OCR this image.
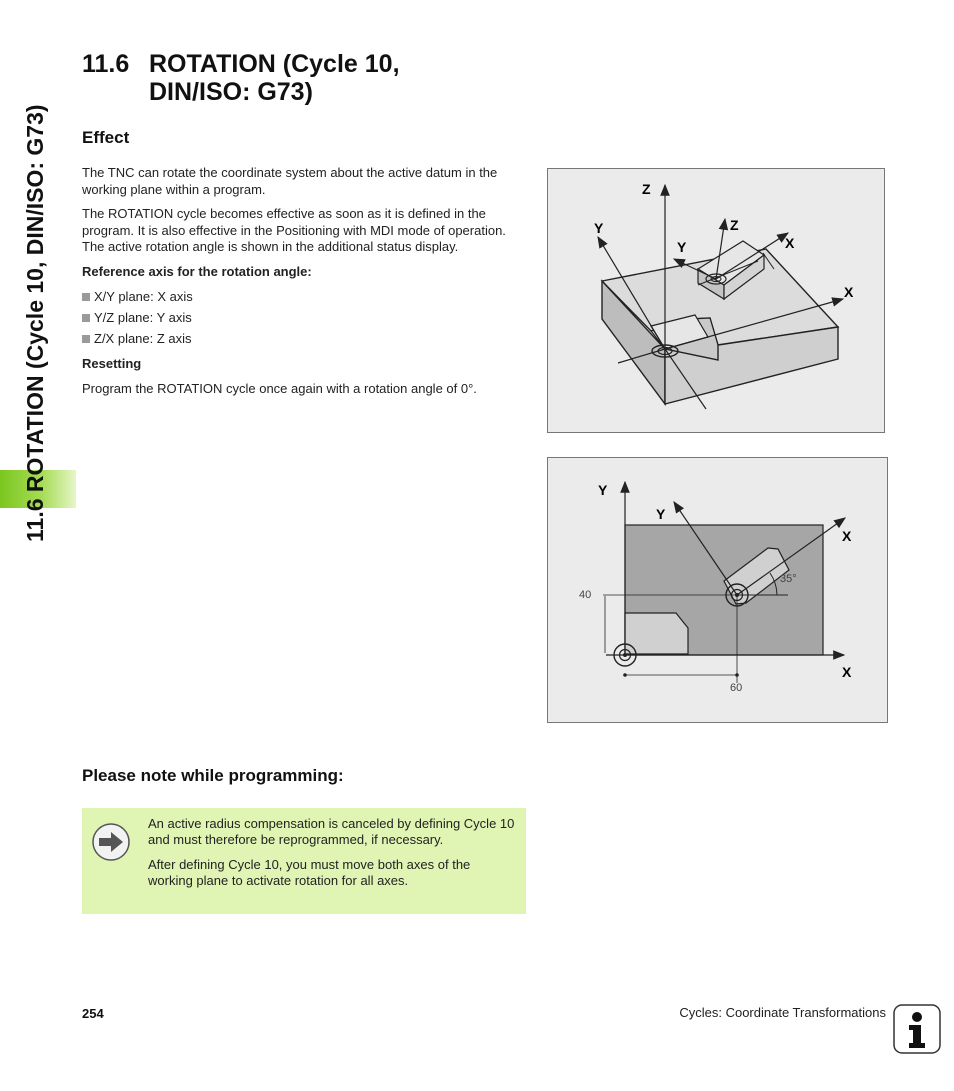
11.6 ROTATION (Cycle 10, DIN/ISO: G73)
11.6 ROTATION (Cycle 10,
DIN/ISO: G73)
Effect

The TNC can rotate the coordinate system about the active datum in the working plane within a program.

The ROTATION cycle becomes effective as soon as it is defined in the program. It is also effective in the Positioning with MDI mode of operation. The active rotation angle is shown in the additional status display.

Reference axis for the rotation angle:

X/Y plane: X axis
Y/Z plane: Y axis
Z/X plane: Z axis

Resetting

Program the ROTATION cycle once again with a rotation angle of 0°.

Z
Y	Z
Y	X
X
Y
Y
X
X
35°
40
60
Please note while programming:

An active radius compensation is canceled by defining Cycle 10 and must therefore be reprogrammed, if necessary.

After defining Cycle 10, you must move both axes of the working plane to activate rotation for all axes.

254	Cycles: Coordinate Transformations
